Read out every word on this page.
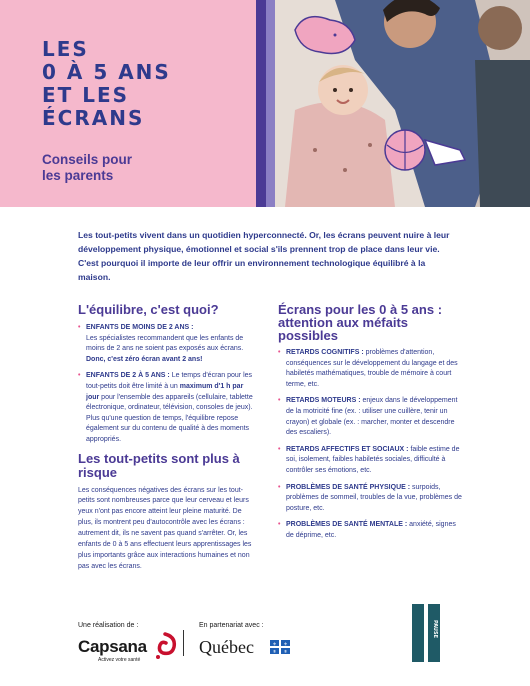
LES
0 À 5 ANS
ET LES
ÉCRANS
Conseils pour
les parents

Les tout-petits vivent dans un quotidien hyperconnecté. Or, les écrans peuvent nuire à leur développement physique, émotionnel et social s'ils prennent trop de place dans leur vie. C'est pourquoi il importe de leur offrir un environnement technologique équilibré à la maison.

L'équilibre, c'est quoi?
• ENFANTS DE MOINS DE 2 ANS :
Les spécialistes recommandent que les enfants de moins de 2 ans ne soient pas exposés aux écrans. Donc, c'est zéro écran avant 2 ans!
• ENFANTS DE 2 À 5 ANS : Le temps d'écran pour les tout-petits doit être limité à un maximum d'1 h par jour pour l'ensemble des appareils (cellulaire, tablette électronique, ordinateur, télévision, consoles de jeux). Plus qu'une question de temps, l'équilibre repose également sur du contenu de qualité à des moments appropriés.
Les tout-petits sont plus à risque

Les conséquences négatives des écrans sur les tout-petits sont nombreuses parce que leur cerveau et leurs yeux n'ont pas encore atteint leur pleine maturité. De plus, ils montrent peu d'autocontrôle avec les écrans : autrement dit, ils ne savent pas quand s'arrêter. Or, les enfants de 0 à 5 ans effectuent leurs apprentissages les plus importants grâce aux interactions humaines et non pas avec les écrans.

Écrans pour les 0 à 5 ans : attention aux méfaits possibles
• RETARDS COGNITIFS : problèmes d'attention, conséquences sur le développement du langage et des habiletés mathématiques, trouble de mémoire à court terme, etc.
• RETARDS MOTEURS : enjeux dans le développement de la motricité fine (ex. : utiliser une cuillère, tenir un crayon) et globale (ex. : marcher, monter et descendre des escaliers).
• RETARDS AFFECTIFS ET SOCIAUX : faible estime de soi, isolement, faibles habiletés sociales, difficulté à contrôler ses émotions, etc.
• PROBLÈMES DE SANTÉ PHYSIQUE : surpoids, problèmes de sommeil, troubles de la vue, problèmes de posture, etc.
• PROBLÈMES DE SANTÉ MENTALE : anxiété, signes de déprime, etc.
Une réalisation de :
Capsana
Activez votre santé
En partenariat avec :
Québec	⚜ ⚜
⚜ ⚜
PAUSE
